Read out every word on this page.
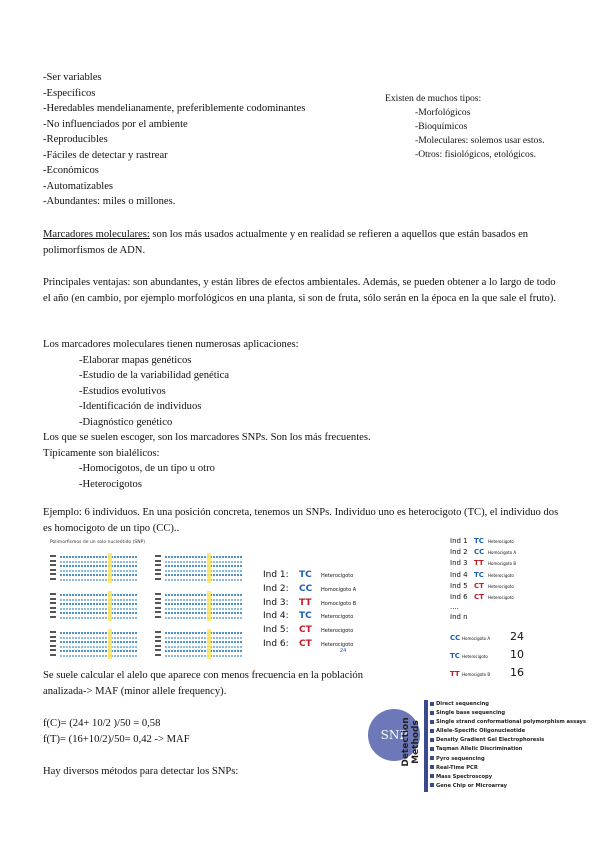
-Ser variables
-Específicos
-Heredables mendelianamente, preferiblemente codominantes
-No influenciados por el ambiente
-Reproducibles
-Fáciles de detectar y rastrear
-Económicos
-Automatizables
-Abundantes: miles o millones.
Existen de muchos tipos:
-Morfológicos
-Bioquímicos
-Moleculares: solemos usar estos.
-Otros: fisiológicos, etológicos.
Marcadores moleculares: son los más usados actualmente y en realidad se refieren a aquellos que están basados en polimorfismos de ADN.
Principales ventajas: son abundantes, y están libres de efectos ambientales. Además, se pueden obtener a lo largo de todo el año (en cambio, por ejemplo morfológicos en una planta, si son de fruta, sólo serán en la época en la que sale el fruto).
Los marcadores moleculares tienen numerosas aplicaciones:
-Elaborar mapas genéticos
-Estudio de la variabilidad genética
-Estudios evolutivos
-Identificación de individuos
-Diagnóstico genético
Los que se suelen escoger, son los marcadores SNPs. Son los más frecuentes.
Típicamente son bialélicos:
-Homocigotos, de un tipo u otro
-Heterocigotos
Ejemplo: 6 individuos. En una posición concreta, tenemos un SNPs. Individuo uno es heterocigoto (TC), el individuo dos es homocigoto de un tipo (CC)..
Polimorfismos de un solo nucleótido (SNP)
Ind 1: TC Heterocigoto
Ind 2: CC Homocigoto A
Ind 3: TT Homocigoto B
Ind 4: TC Heterocigoto
Ind 5: CT Heterocigoto
Ind 6: CT Heterocigoto
24
Ind 1 TC Heterocigoto
Ind 2 CC Homocigoto A
Ind 3 TT Homocigoto B
Ind 4 TC Heterocigoto
Ind 5 CT Heterocigoto
Ind 6 CT Heterocigoto
....
Ind n
CC Homocigoto A 24
TC Heterocigoto 10
TT Homocigoto B 16
Se suele calcular el alelo que aparece con menos frecuencia en la población analizada-> MAF (minor allele frequency).
f(C)= (24+ 10/2 )/50 = 0,58
f(T)= (16+10/2)/50= 0,42 -> MAF
Hay diversos métodos para detectar los SNPs:
SNP
Detection Methods
Direct sequencing
Single base sequencing
Single strand conformational polymorphism assays
Allele-Specific Oligonucleotide
Density Gradient Gel Electrophoresis
Taqman Allelic Discrimination
Pyro sequencing
Real-Time PCR
Mass Spectroscopy
Gene Chip or Microarray
